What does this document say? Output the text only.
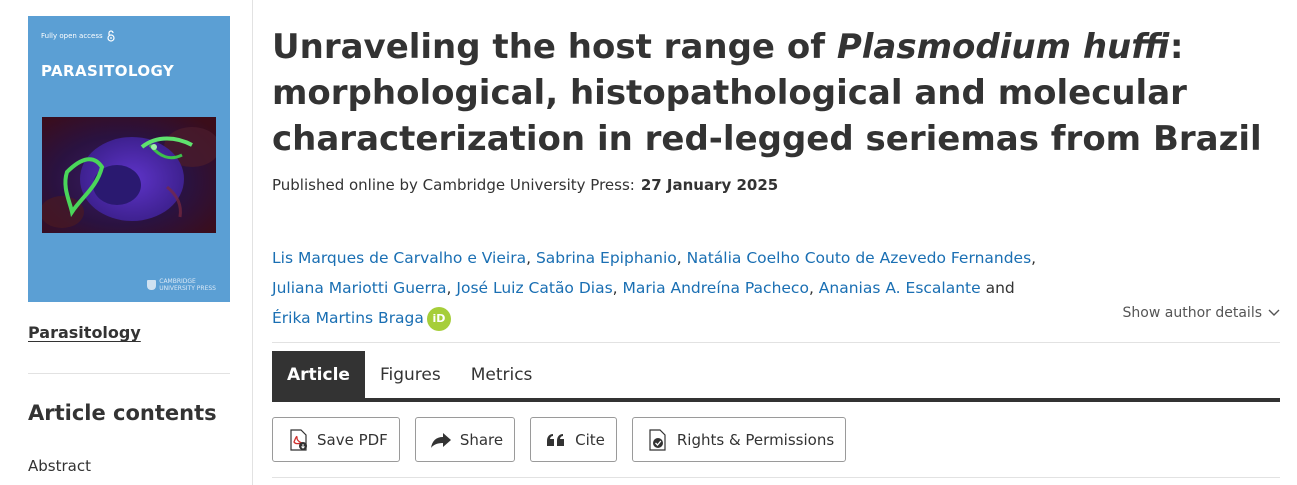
Fully open access
PARASITOLOGY
CAMBRIDGE
UNIVERSITY PRESS
Parasitology
Article contents
Abstract
Unraveling the host range of Plasmodium huffi: morphological, histopathological and molecular characterization in red-legged seriemas from Brazil
Published online by Cambridge University Press: 27 January 2025
Lis Marques de Carvalho e Vieira, Sabrina Epiphanio, Natália Coelho Couto de Azevedo Fernandes,
Juliana Mariotti Guerra, José Luiz Catão Dias, Maria Andreína Pacheco, Ananias A. Escalante and
Érika Martins Braga iD	Show author details
Article	Figures	Metrics
Save PDF	Share	Cite	Rights & Permissions
